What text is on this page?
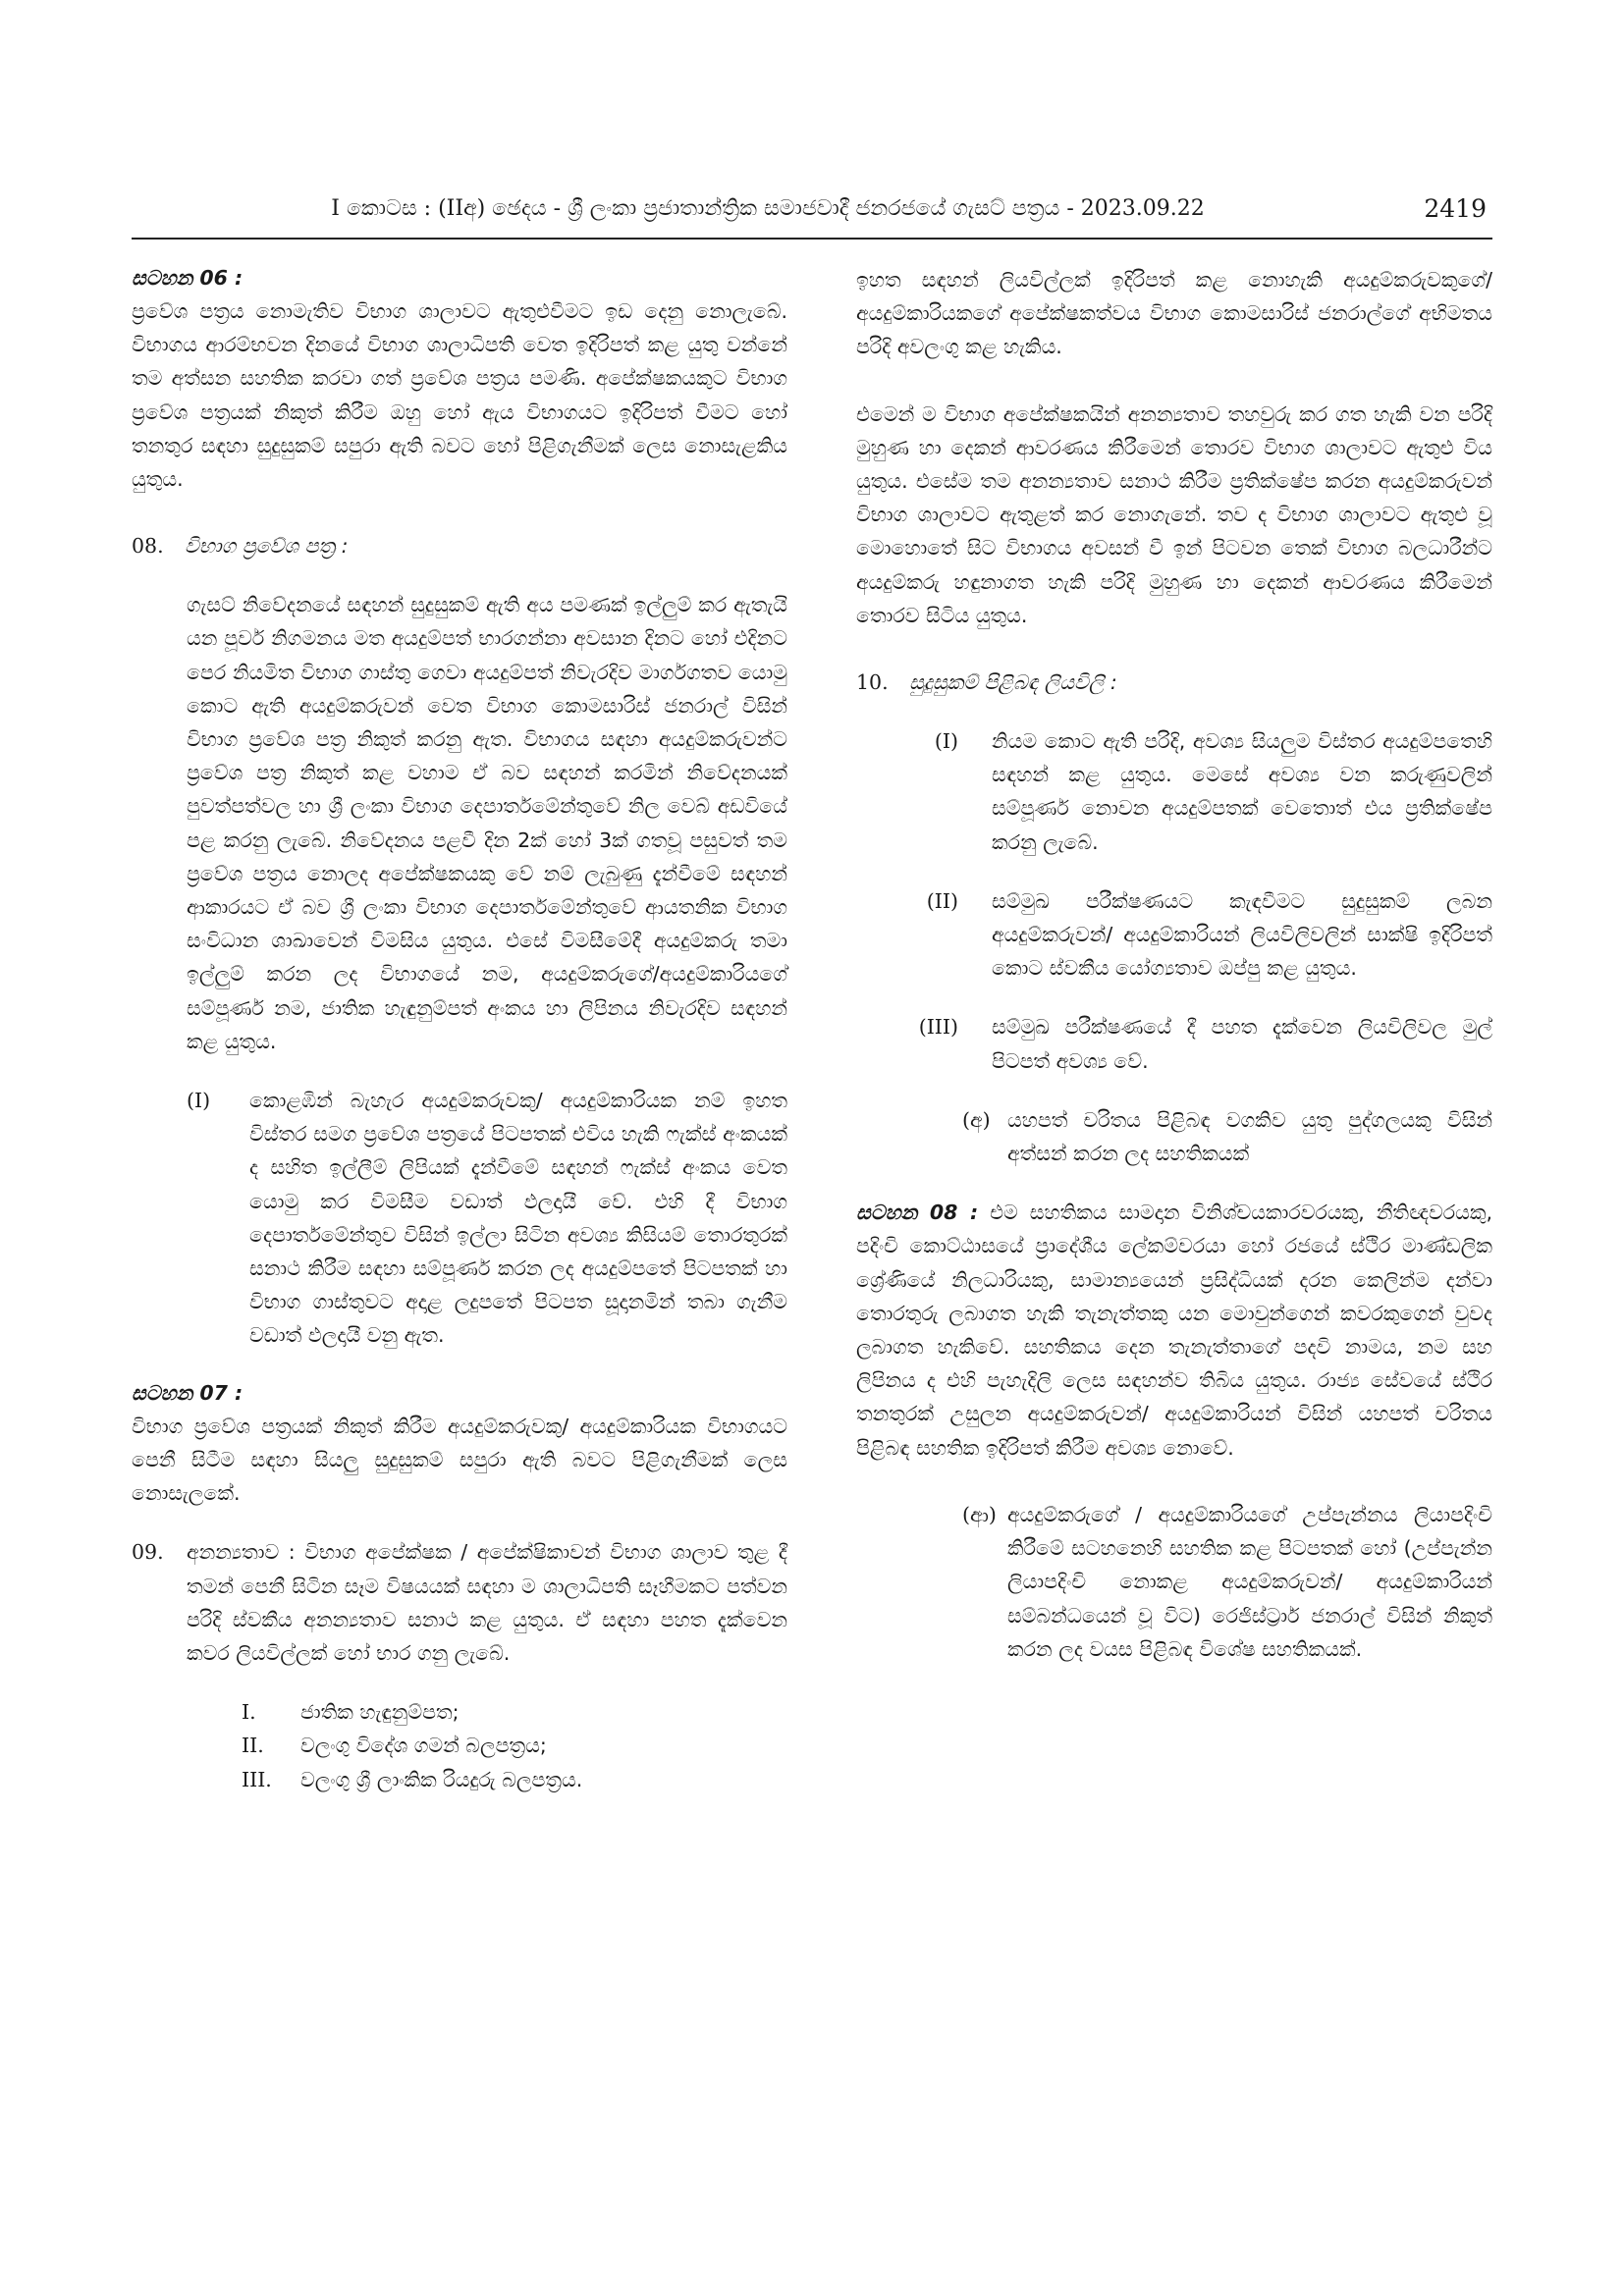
I කොටස : (IIඅ) ඡෙදය - ශ්‍රී ලංකා ප්‍රජාතාන්ත්‍රික සමාජවාදී ජනරජයේ ගැසට් පත්‍රය - 2023.09.22	2419
සටහන 06 :

ප්‍රවේශ පත්‍රය නොමැතිව විභාග ශාලාවට ඇතුළුවීමට ඉඩ දෙනු නොලැබේ. විභාගය ආරම්භවන දිනයේ විභාග ශාලාධිපති වෙත ඉදිරිපත් කළ යුතු වන්නේ තම අත්සන සහතික කරවා ගත් ප්‍රවේශ පත්‍රය පමණි. අපේක්ෂකයකුට විභාග ප්‍රවේශ පත්‍රයක් නිකුත් කිරීම ඔහු හෝ ඇය විභාගයට ඉදිරිපත් වීමට හෝ තනතුර සඳහා සුදුසුකම් සපුරා ඇති බවට හෝ පිළිගැනීමක් ලෙස නොසැළකිය යුතුය.

08.	විභාග ප්‍රවේශ පත්‍ර :

ගැසට් නිවේදනයේ සඳහන් සුදුසුකම් ඇති අය පමණක් ඉල්ලුම් කර ඇතැයි යන පූර්ව නිගමනය මත අයදුම්පත් භාරගන්නා අවසාන දිනට හෝ එදිනට පෙර නියමිත විභාග ගාස්තු ගෙවා අයදුම්පත් නිවැරදිව මාර්ගගතව යොමු කොට ඇති අයදුම්කරුවන් වෙත විභාග කොමසාරිස් ජනරාල් විසින් විභාග ප්‍රවේශ පත්‍ර නිකුත් කරනු ඇත. විභාගය සඳහා අයදුම්කරුවන්ට ප්‍රවේශ පත්‍ර නිකුත් කළ වහාම ඒ බව සඳහන් කරමින් නිවේදනයක් පුවත්පත්වල හා ශ්‍රී ලංකා විභාග දෙපාර්තමේන්තුවේ නිල වෙබ් අඩවියේ පළ කරනු ලැබේ. නිවේදනය පළවී දින 2ක් හෝ 3ක් ගතවූ පසුවත් තම ප්‍රවේශ පත්‍රය නොලද අපේක්ෂකයකු වේ නම් ලැබුණු දැන්වීමේ සඳහන් ආකාරයට ඒ බව ශ්‍රී ලංකා විභාග දෙපාර්තමේන්තුවේ ආයතනික විභාග සංවිධාන ශාඛාවෙන් විමසිය යුතුය. එසේ විමසීමේදී අයදුම්කරු තමා ඉල්ලුම් කරන ලද විභාගයේ නම, අයදුම්කරුගේ/අයදුම්කාරියගේ සම්පූර්ණ නම, ජාතික හැඳුනුම්පත් අංකය හා ලිපිනය නිවැරදිව සඳහන් කළ යුතුය.

(I)	කොළඹින් බැහැර අයදුම්කරුවකු/ අයදුම්කාරියක නම් ඉහත විස්තර සමග ප්‍රවේශ පත්‍රයේ පිටපතක් එවිය හැකි ෆැක්ස් අංකයක් ද සහිත ඉල්ලීම් ලිපියක් දැන්වීමේ සඳහන් ෆැක්ස් අංකය වෙත යොමු කර විමසීම වඩාත් ඵලදායී වේ. එහි දී විභාග දෙපාර්තමේන්තුව විසින් ඉල්ලා සිටින අවශ්‍ය කිසියම් තොරතුරක් සනාථ කිරීම සඳහා සම්පූර්ණ කරන ලද අයදුම්පතේ පිටපතක් හා විභාග ගාස්තුවට අදාළ ලදුපතේ පිටපත සූදානමින් තබා ගැනීම වඩාත් ඵලදායී වනු ඇත.
සටහන 07 :

විභාග ප්‍රවේශ පත්‍රයක් නිකුත් කිරීම අයදුම්කරුවකු/ අයදුම්කාරියක විභාගයට පෙනී සිටීම සඳහා සියලු සුදුසුකම් සපුරා ඇති බවට පිළිගැනීමක් ලෙස නොසැලකේ.

09.	අනන්‍යතාව : විභාග අපේක්ෂක / අපේක්ෂිකාවන් විභාග ශාලාව තුළ දී තමන් පෙනී සිටින සෑම විෂයයක් සඳහා ම ශාලාධිපති සෑහීමකට පත්වන පරිදි ස්වකීය අනන්‍යතාව සනාථ කළ යුතුය. ඒ සඳහා පහත දැක්වෙන කවර ලියවිල්ලක් හෝ භාර ගනු ලැබේ.
I.	ජාතික හැඳුනුම්පත;
II.	වලංගු විදේශ ගමන් බලපත්‍රය;
III.	වලංගු ශ්‍රී ලාංකික රියදුරු බලපත්‍රය.

ඉහත සඳහන් ලියවිල්ලක් ඉදිරිපත් කළ නොහැකි අයදුම්කරුවකුගේ/ අයදුම්කාරියකගේ අපේක්ෂකත්වය විභාග කොමසාරිස් ජනරාල්ගේ අභිමතය පරිදි අවලංගු කළ හැකිය.

එමෙන් ම විභාග අපේක්ෂකයින් අනන්‍යතාව තහවුරු කර ගත හැකි වන පරිදි මුහුණ හා දෙකන් ආවරණය කිරීමෙන් තොරව විභාග ශාලාවට ඇතුළු විය යුතුය. එසේම තම අනන්‍යතාව සනාථ කිරීම ප්‍රතික්ෂේප කරන අයදුම්කරුවන් විභාග ශාලාවට ඇතුළත් කර නොගැනේ. තව ද විභාග ශාලාවට ඇතුළු වූ මොහොතේ සිට විභාගය අවසන් වී ඉන් පිටවන තෙක් විභාග බලධාරීන්ට අයදුම්කරු හඳුනාගත හැකි පරිදි මුහුණ හා දෙකන් ආවරණය කිරීමෙන් තොරව සිටිය යුතුය.

10.	සුදුසුකම් පිළිබඳ ලියවිලි :
(I)	නියම කොට ඇති පරිදි, අවශ්‍ය සියලුම විස්තර අයදුම්පතෙහි සඳහන් කළ යුතුය. මෙසේ අවශ්‍ය වන කරුණුවලින් සම්පූර්ණ නොවන අයදුම්පතක් වෙතොත් එය ප්‍රතික්ෂේප කරනු ලැබේ.
(II)	සම්මුඛ පරීක්ෂණයට කැඳවීමට සුදුසුකම් ලබන අයදුම්කරුවන්/ අයදුම්කාරියන් ලියවිලිවලින් සාක්ෂි ඉදිරිපත් කොට ස්වකීය යෝග්‍යතාව ඔප්පු කළ යුතුය.
(III)	සම්මුඛ පරීක්ෂණයේ දී පහත දැක්වෙන ලියවිලිවල මුල් පිටපත් අවශ්‍ය වේ.
(අ) යහපත් චරිතය පිළිබඳ වගකිව යුතු පුද්ගලයකු විසින් අත්සන් කරන ලද සහතිකයක්

සටහන 08 : එම සහතිකය සාමදාන විනිශ්චයකාරවරයකු, නීතිඥවරයකු, පදිංචි කොට්ඨාසයේ ප්‍රාදේශීය ලේකම්වරයා හෝ රජයේ ස්ථිර මාණ්ඩලික ශ්‍රේණියේ නිලධාරියකු, සාමාන්‍යයෙන් ප්‍රසිද්ධියක් දරන කෙලින්ම දන්වා තොරතුරු ලබාගත හැකි තැනැත්තකු යන මොවුන්ගෙන් කවරකුගෙන් වුවද ලබාගත හැකිවේ. සහතිකය දෙන තැනැත්තාගේ පදවි නාමය, නම සහ ලිපිනය ද එහි පැහැදිලි ලෙස සඳහන්ව තිබිය යුතුය. රාජ්‍ය සේවයේ ස්ථිර තනතුරක් උසුලන අයදුම්කරුවන්/ අයදුම්කාරියන් විසින් යහපත් චරිතය පිළිබඳ සහතික ඉදිරිපත් කිරීම අවශ්‍ය නොවේ.

(ආ) අයදුම්කරුගේ / අයදුම්කාරියගේ උප්පැන්නය ලියාපදිංචි කිරීමේ සටහනෙහි සහතික කළ පිටපතක් හෝ (උප්පැන්න ලියාපදිංචි නොකළ අයදුම්කරුවන්/ අයදුම්කාරියන් සම්බන්ධයෙන් වූ විට) රෙජිස්ට්‍රාර් ජනරාල් විසින් නිකුත් කරන ලද වයස පිළිබඳ විශේෂ සහතිකයක්.
